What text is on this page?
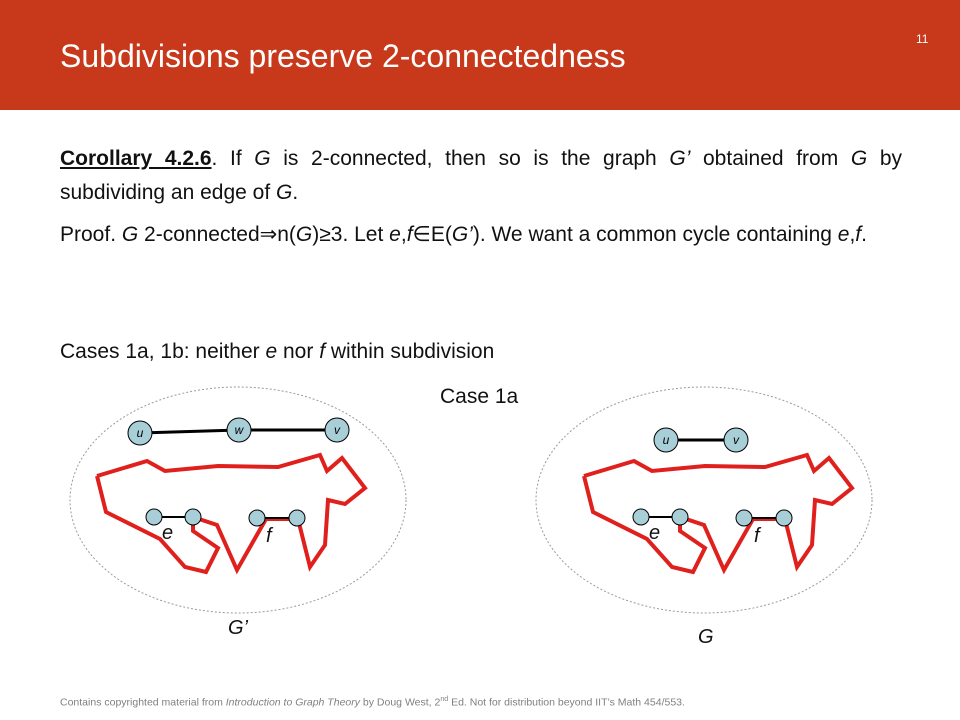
Subdivisions preserve 2-connectedness	11
Corollary 4.2.6. If G is 2-connected, then so is the graph G’ obtained from G by subdividing an edge of G.
Proof. G 2-connected⇒n(G)≥3. Let e,f∈E(G’). We want a common cycle containing e,f.
Cases 1a, 1b: neither e nor f within subdivision
Case 1a
u	w	v
u	v
e	f
G’
e	f
G
Contains copyrighted material from Introduction to Graph Theory by Doug West, 2nd Ed. Not for distribution beyond IIT’s Math 454/553.
